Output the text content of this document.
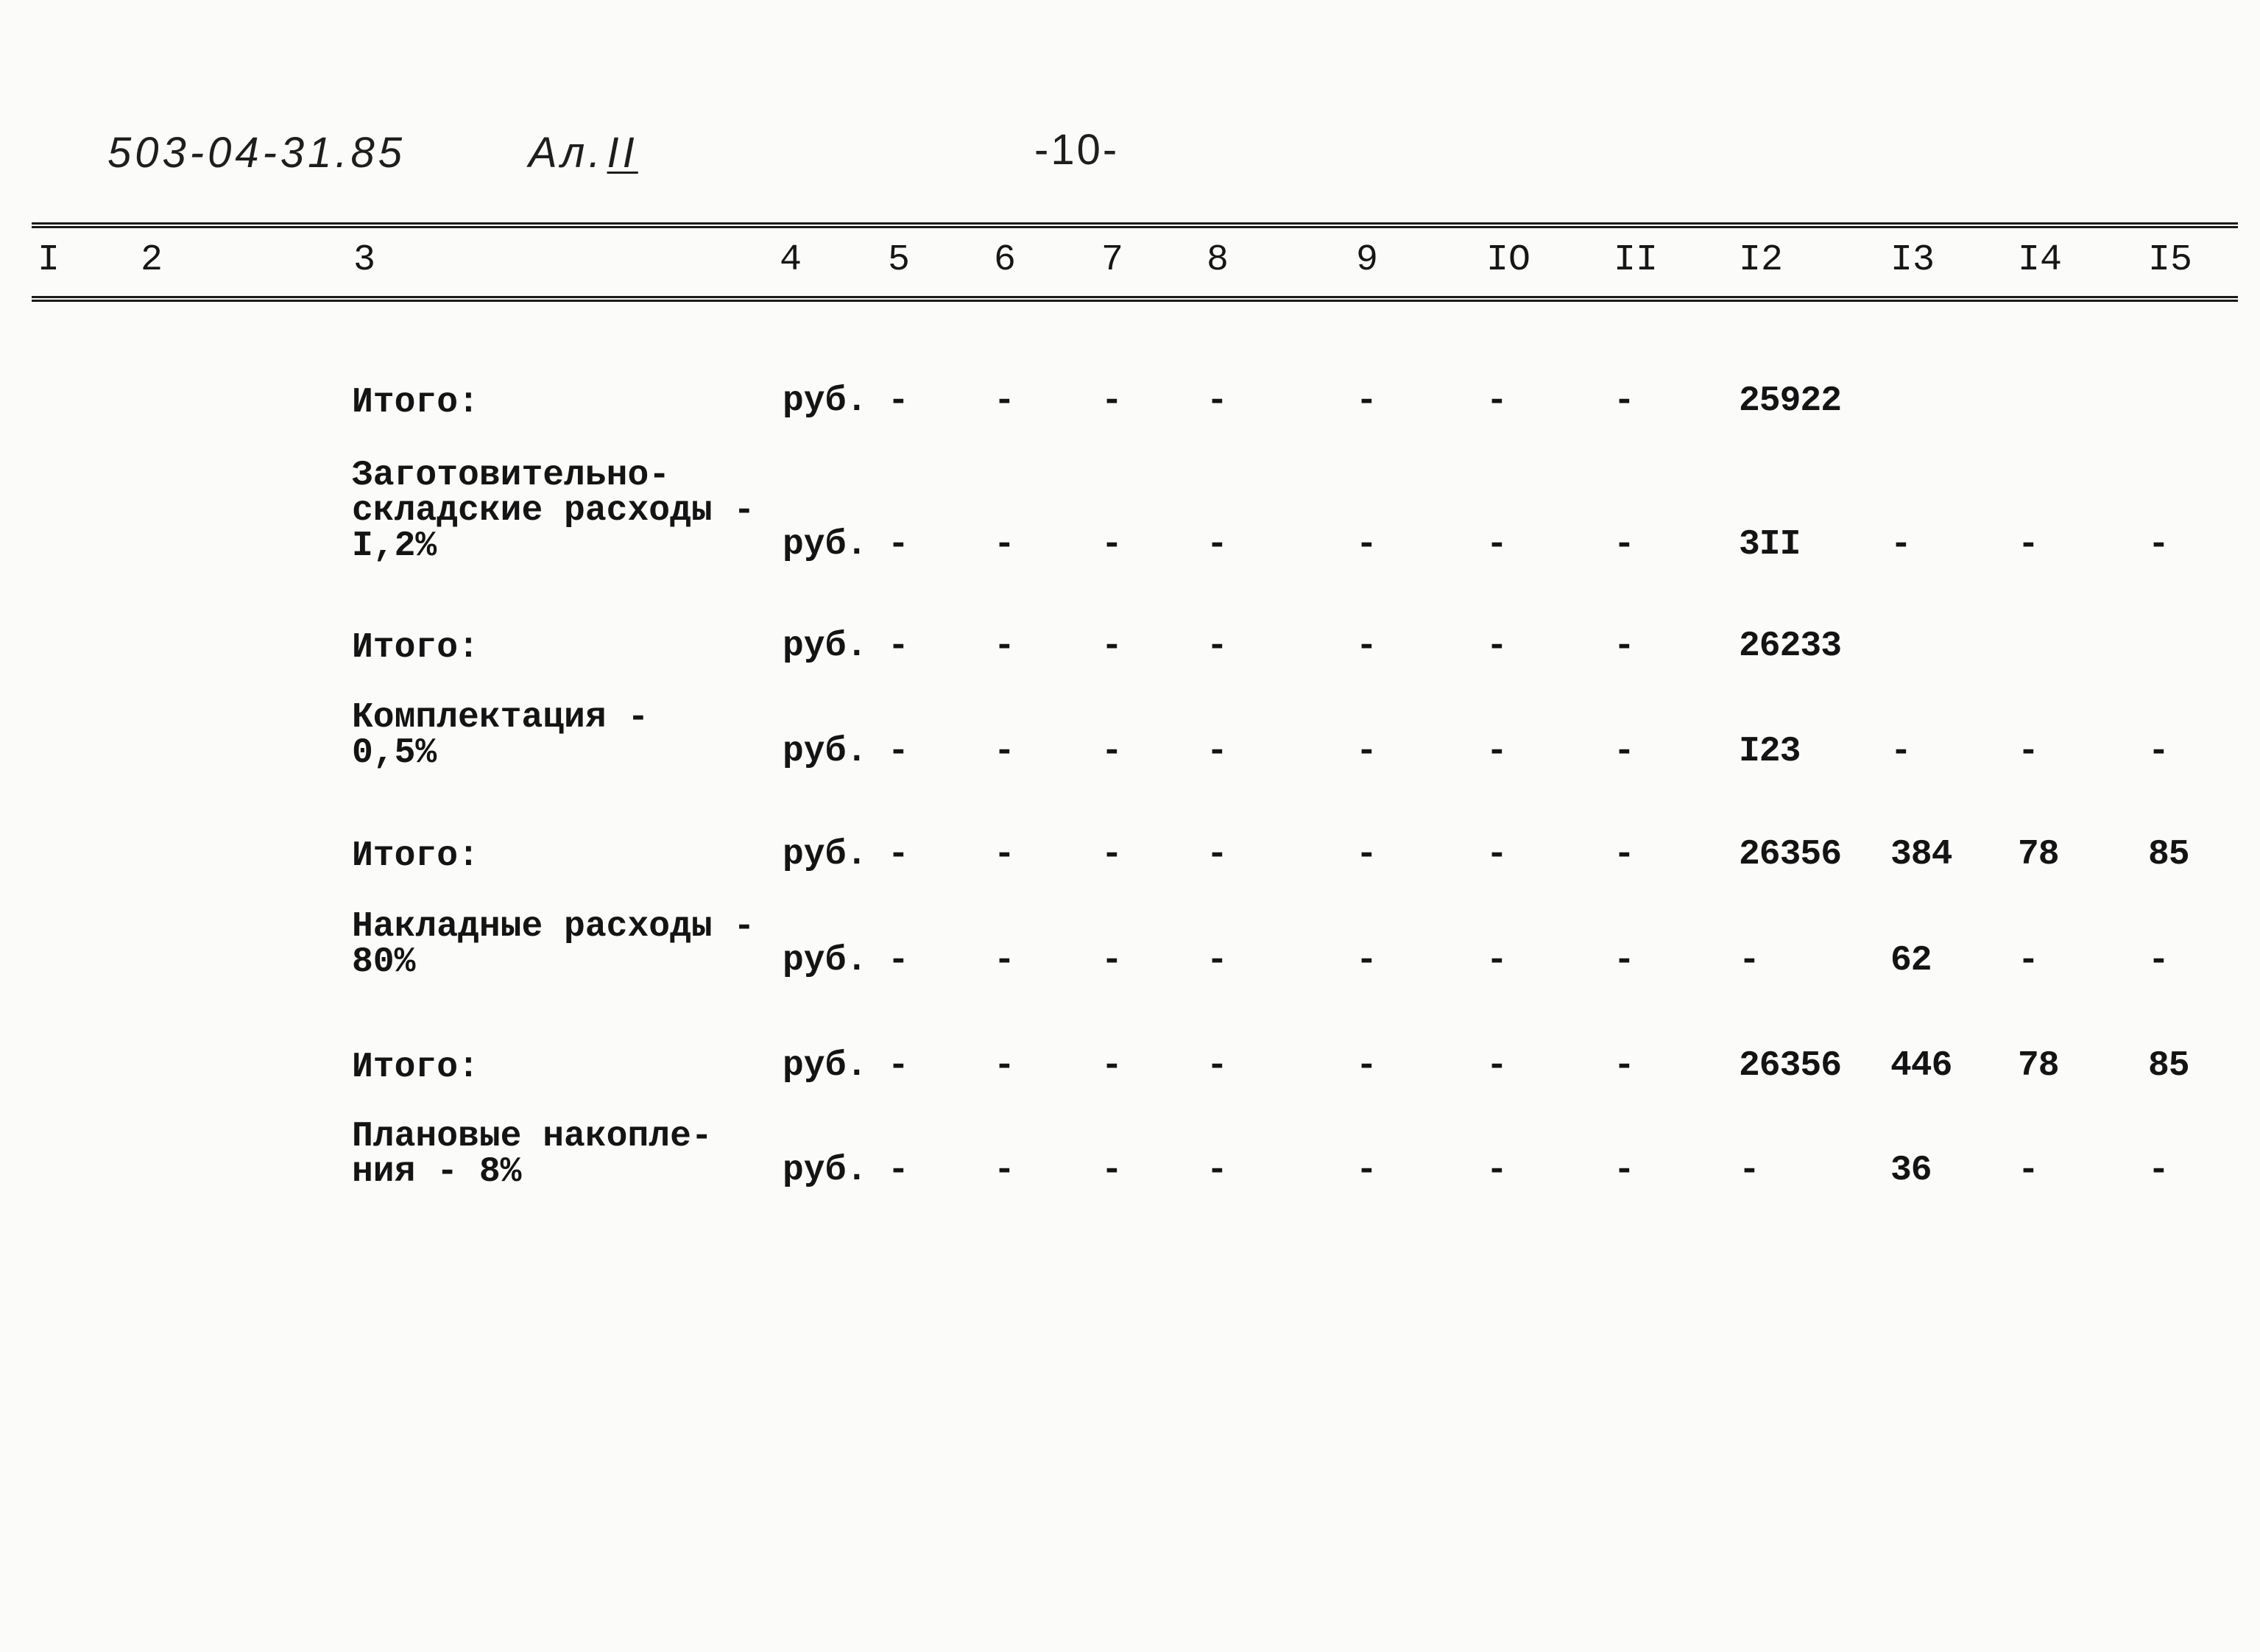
503-04-31.85	Ал.II	-10-
I 2	3	4 5 6 7 8	9	IO II I2	I3 I4 I5
Итого:	руб. - - - -	-	-	-	25922
Заготовительно-
складские расходы -
I,2%	руб. - - - -	-	-	-	3II	-	-	-
Итого:	руб. - - - -	-	-	-	26233
Комплектация -
0,5%	руб. - - - -	-	-	-	I23	-	-	-
Итого:	руб. - - - -	-	-	-	26356 384 78	85
Накладные расходы -
80%	руб. - - - -	-	-	-	-	62 -	-
Итого:	руб. - - - -	-	-	-	26356 446 78	85
Плановые накопле-
ния - 8%	руб. - - - -	-	-	-	-	36 -	-
